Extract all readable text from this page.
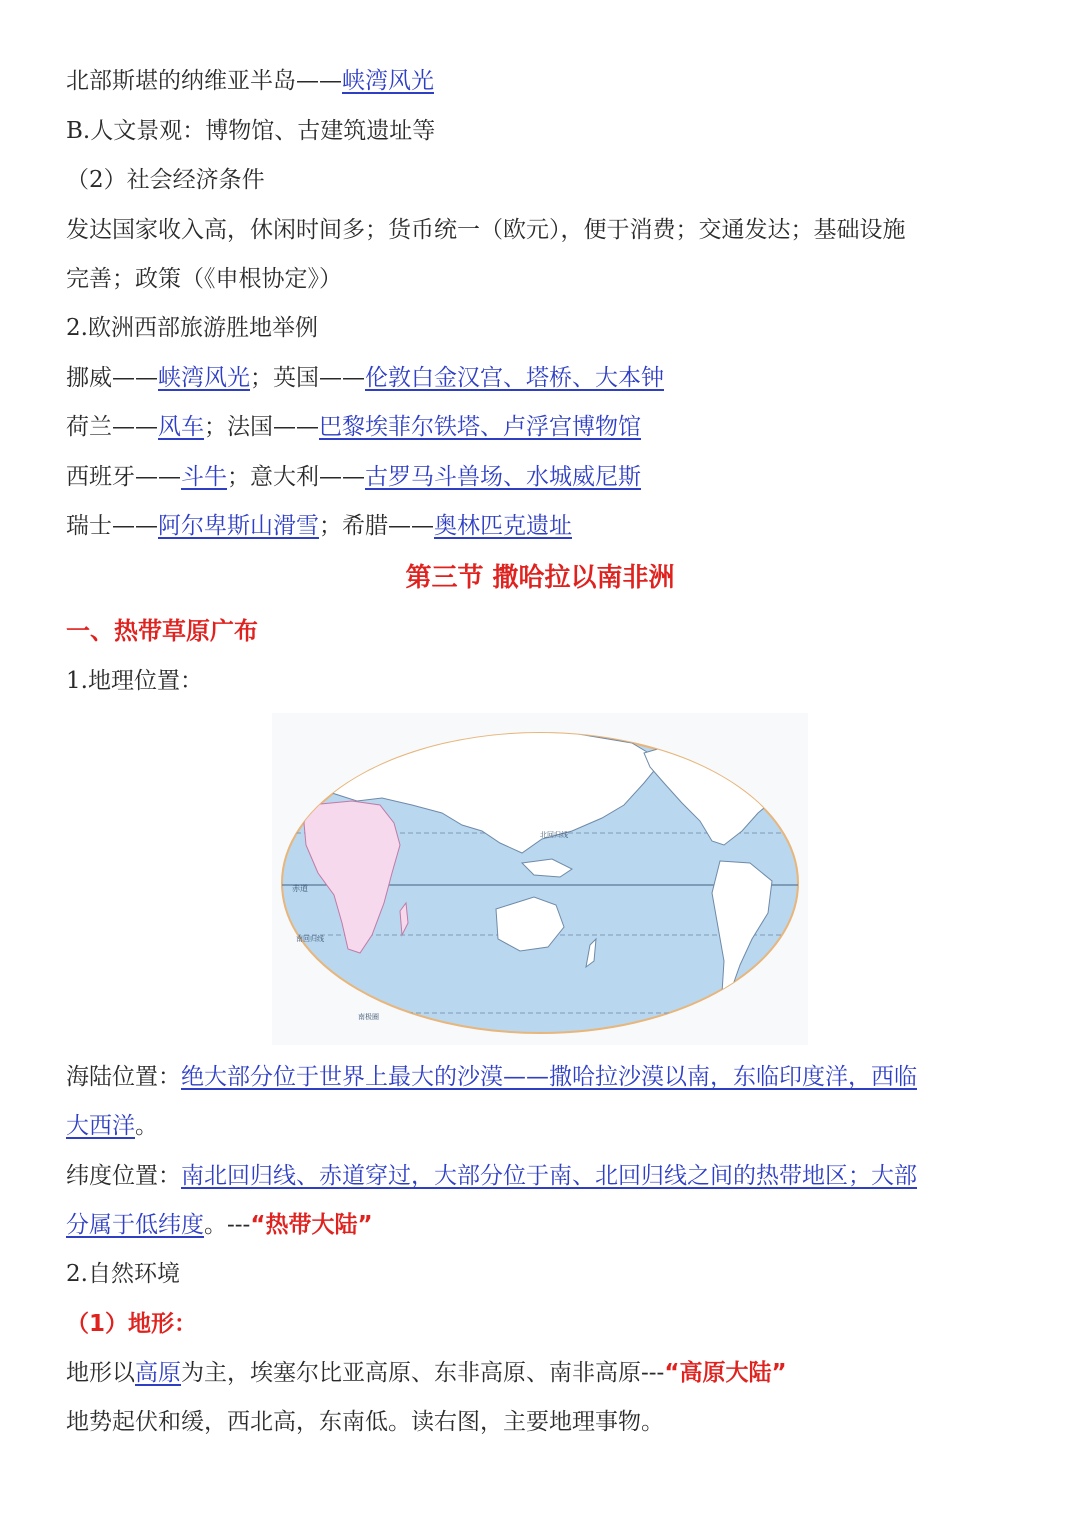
北部斯堪的纳维亚半岛——峡湾风光
B.人文景观：博物馆、古建筑遗址等
（2）社会经济条件
发达国家收入高，休闲时间多；货币统一（欧元），便于消费；交通发达；基础设施
完善；政策（《申根协定》）
2.欧洲西部旅游胜地举例
挪威——峡湾风光；英国——伦敦白金汉宫、塔桥、大本钟
荷兰——风车；法国——巴黎埃菲尔铁塔、卢浮宫博物馆
西班牙——斗牛；意大利——古罗马斗兽场、水城威尼斯
瑞士——阿尔卑斯山滑雪；希腊——奥林匹克遗址
第三节 撒哈拉以南非洲
一、热带草原广布
1.地理位置：
赤道
北回归线
南回归线
南极圈
海陆位置：绝大部分位于世界上最大的沙漠——撒哈拉沙漠以南，东临印度洋，西临
大西洋。
纬度位置：南北回归线、赤道穿过，大部分位于南、北回归线之间的热带地区；大部
分属于低纬度。---“热带大陆”
2.自然环境
（1）地形：
地形以高原为主，埃塞尔比亚高原、东非高原、南非高原---“高原大陆”
地势起伏和缓，西北高，东南低。读右图，主要地理事物。
